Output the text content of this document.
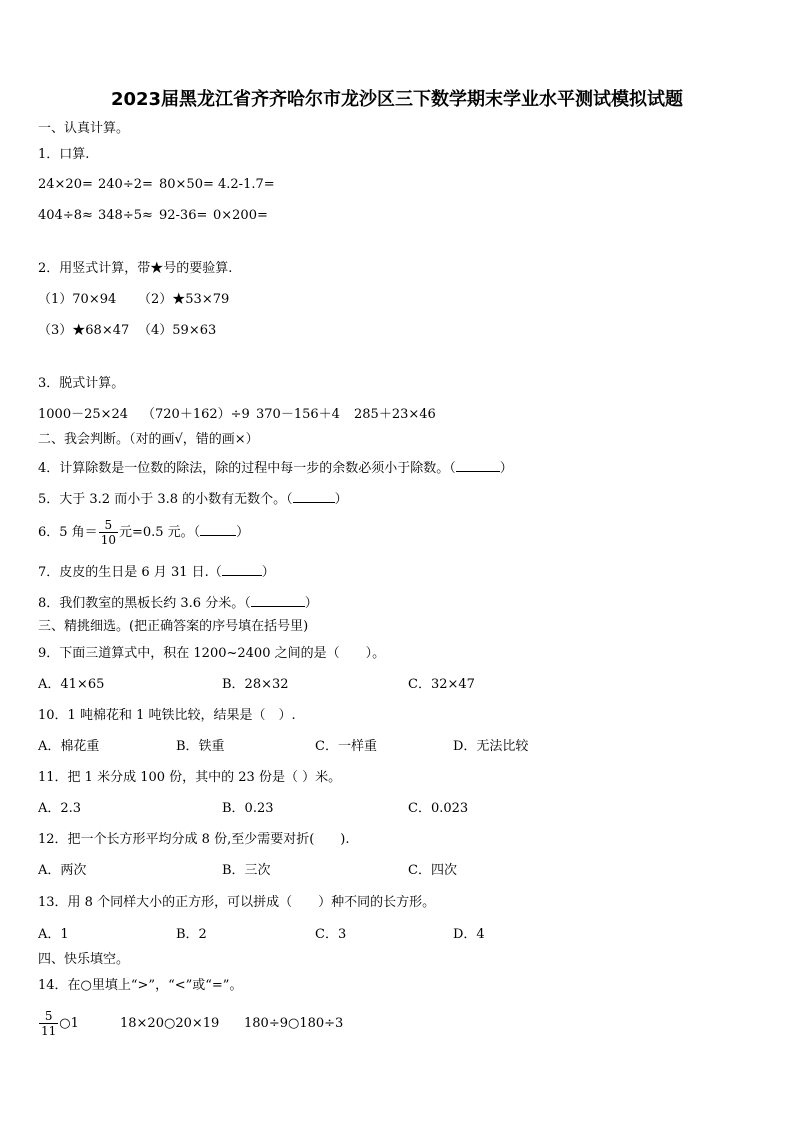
2023届黑龙江省齐齐哈尔市龙沙区三下数学期末学业水平测试模拟试题
一、认真计算。
1．口算.
24×20= 240÷2= 80×50= 4.2-1.7=
404÷8≈ 348÷5≈ 92-36= 0×200=
2．用竖式计算，带★号的要验算.
（1）70×94 （2）★53×79
（3）★68×47 （4）59×63
3．脱式计算。
1000－25×24 （720＋162）÷9 370－156＋4 285＋23×46
二、我会判断。（对的画√，错的画×）
4．计算除数是一位数的除法，除的过程中每一步的余数必须小于除数。（	）
5．大于 3.2 而小于 3.8 的小数有无数个。（	）
6．5 角＝ $\frac{5}{10}$ 元=0.5 元。（	）
7．皮皮的生日是 6 月 31 日.（	）
8．我们教室的黑板长约 3.6 分米。（	）
三、精挑细选。(把正确答案的序号填在括号里)
9．下面三道算式中，积在 1200~2400 之间的是（　　）。
A．41×65	B．28×32	C．32×47
10．1 吨棉花和 1 吨铁比较，结果是（　）.
A．棉花重	B．铁重	C．一样重	D．无法比较
11．把 1 米分成 100 份，其中的 23 份是（ ）米。
A．2.3	B．0.23	C．0.023
12．把一个长方形平均分成 8 份,至少需要对折(　　).
A．两次	B．三次	C．四次
13．用 8 个同样大小的正方形，可以拼成（　　）种不同的长方形。
A．1	B．2	C．3	D．4
四、快乐填空。
14．在○里填上“>”，“<”或“=”。
$\frac{5}{11}$ ○1	18×20○20×19 180÷9○180÷3
